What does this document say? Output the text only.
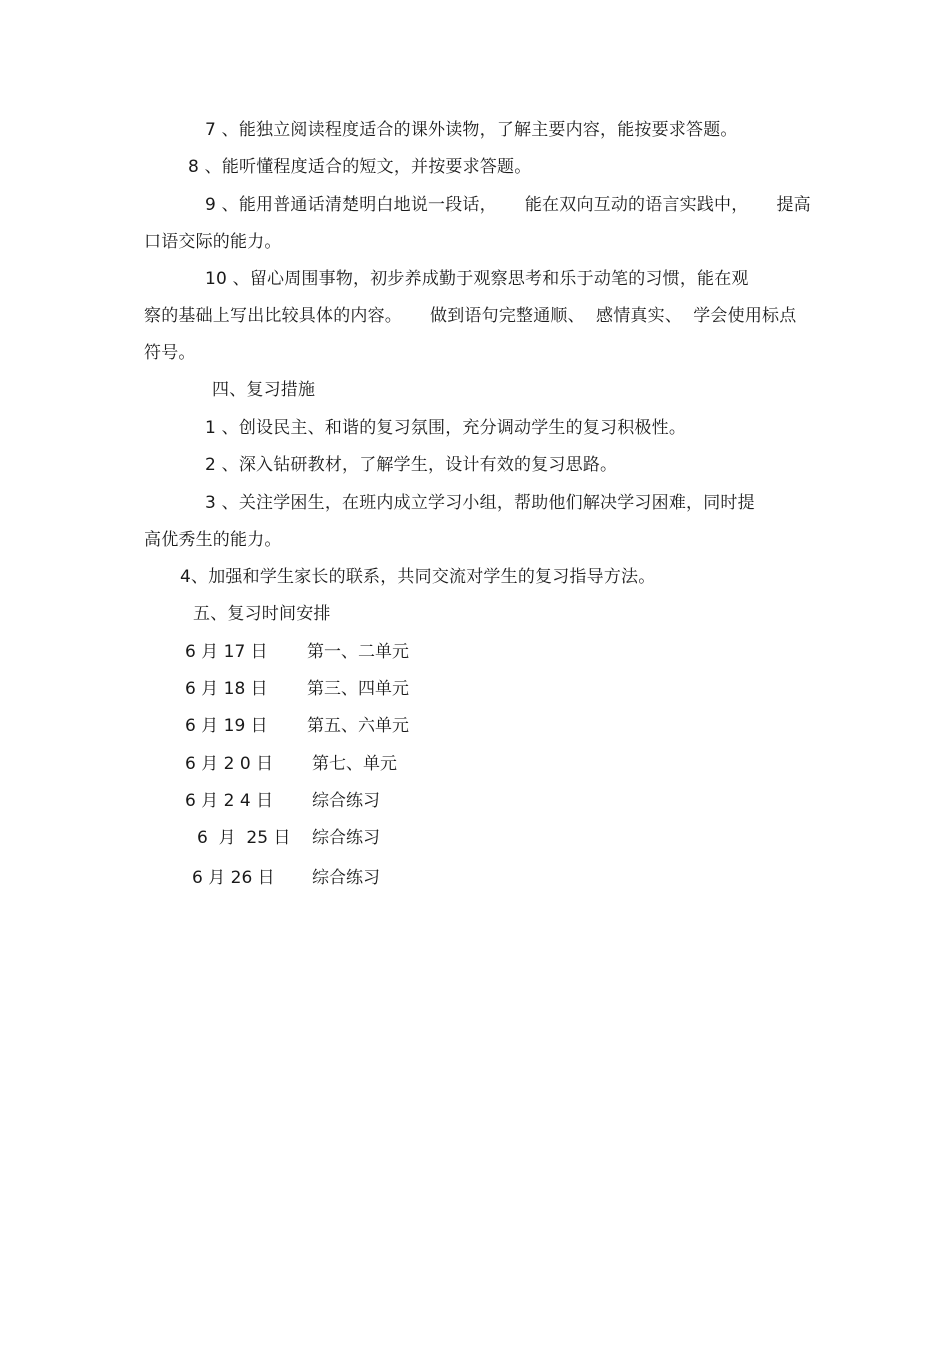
7 、能独立阅读程度适合的课外读物，了解主要内容，能按要求答题。
8 、能听懂程度适合的短文，并按要求答题。
9 、能用普通话清楚明白地说一段话，     能在双向互动的语言实践中，     提高
口语交际的能力。
10 、留心周围事物，初步养成勤于观察思考和乐于动笔的习惯，能在观
察的基础上写出比较具体的内容。     做到语句完整通顺、  感情真实、  学会使用标点
符号。
四、复习措施
1 、创设民主、和谐的复习氛围，充分调动学生的复习积极性。
2 、深入钻研教材，了解学生，设计有效的复习思路。
3 、关注学困生，在班内成立学习小组，帮助他们解决学习困难，同时提
高优秀生的能力。
4、加强和学生家长的联系，共同交流对学生的复习指导方法。
五、复习时间安排
6 月 17 日 第一、二单元
6 月 18 日 第三、四单元
6 月 19 日 第五、六单元
6 月 2 0 日 第七、单元
6 月 2 4 日 综合练习
6  月  25 日 综合练习
6 月 26 日 综合练习
